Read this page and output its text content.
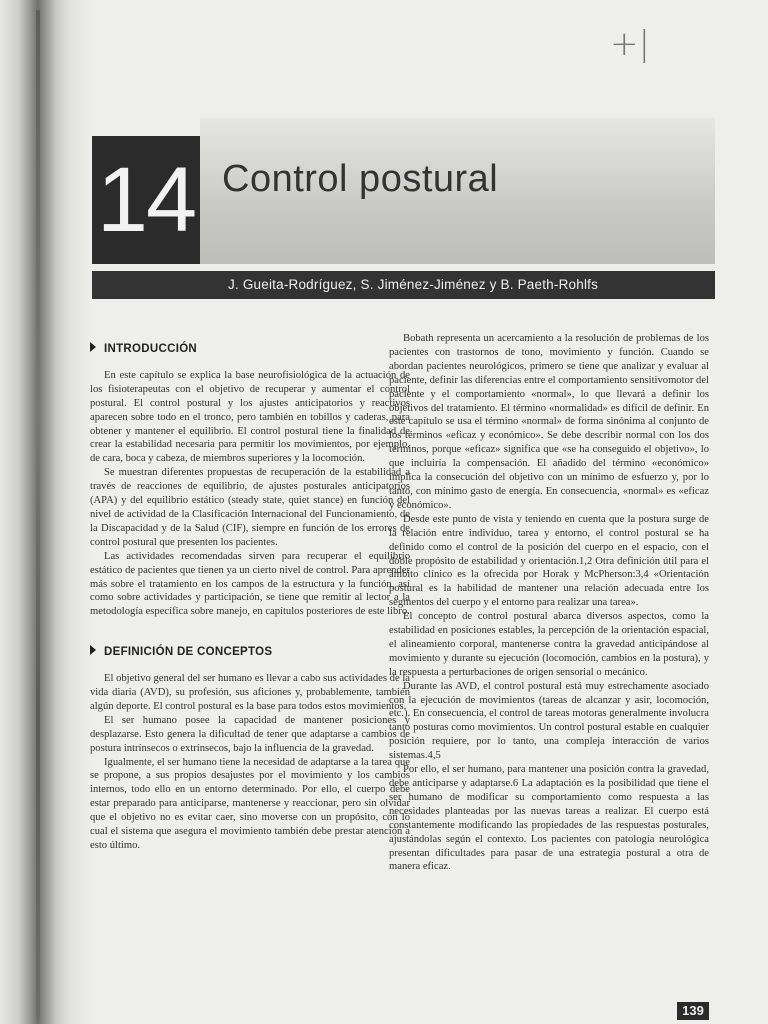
+|
14 Control postural
J. Gueita-Rodríguez, S. Jiménez-Jiménez y B. Paeth-Rohlfs
INTRODUCCIÓN

En este capítulo se explica la base neurofisiológica de la actuación de los fisioterapeutas con el objetivo de recuperar y aumentar el control postural. El control postural y los ajustes anticipatorios y reactivos aparecen sobre todo en el tronco, pero también en tobillos y caderas, para obtener y mantener el equilibrio. El control postural tiene la finalidad de crear la estabilidad necesaria para permitir los movimientos, por ejemplo, de cara, boca y cabeza, de miembros superiores y la locomoción.

Se muestran diferentes propuestas de recuperación de la estabilidad a través de reacciones de equilibrio, de ajustes posturales anticipatorios (APA) y del equilibrio estático (steady state, quiet stance) en función del nivel de actividad de la Clasificación Internacional del Funcionamiento, de la Discapacidad y de la Salud (CIF), siempre en función de los errores de control postural que presenten los pacientes.

Las actividades recomendadas sirven para recuperar el equilibrio estático de pacientes que tienen ya un cierto nivel de control. Para aprender más sobre el tratamiento en los campos de la estructura y la función, así como sobre actividades y participación, se tiene que remitir al lector a la metodología específica sobre manejo, en capítulos posteriores de este libro.

DEFINICIÓN DE CONCEPTOS

El objetivo general del ser humano es llevar a cabo sus actividades de la vida diaria (AVD), su profesión, sus aficiones y, probablemente, también algún deporte. El control postural es la base para todos estos movimientos.

El ser humano posee la capacidad de mantener posiciones y desplazarse. Esto genera la dificultad de tener que adaptarse a cambios de postura intrínsecos o extrínsecos, bajo la influencia de la gravedad.

Igualmente, el ser humano tiene la necesidad de adaptarse a la tarea que se propone, a sus propios desajustes por el movimiento y los cambios internos, todo ello en un entorno determinado. Por ello, el cuerpo debe estar preparado para anticiparse, mantenerse y reaccionar, pero sin olvidar que el objetivo no es evitar caer, sino moverse con un propósito, con lo cual el sistema que asegura el movimiento también debe prestar atención a esto último.

Bobath representa un acercamiento a la resolución de problemas de los pacientes con trastornos de tono, movimiento y función. Cuando se abordan pacientes neurológicos, primero se tiene que analizar y evaluar al paciente, definir las diferencias entre el comportamiento sensitivomotor del paciente y el comportamiento «normal», lo que llevará a definir los objetivos del tratamiento. El término «normalidad» es difícil de definir. En este capítulo se usa el término «normal» de forma sinónima al conjunto de los términos «eficaz y económico». Se debe describir normal con los dos términos, porque «eficaz» significa que «se ha conseguido el objetivo», lo que incluiría la compensación. El añadido del término «económico» implica la consecución del objetivo con un mínimo de esfuerzo y, por lo tanto, con mínimo gasto de energía. En consecuencia, «normal» es «eficaz y económico».

Desde este punto de vista y teniendo en cuenta que la postura surge de la relación entre individuo, tarea y entorno, el control postural se ha definido como el control de la posición del cuerpo en el espacio, con el doble propósito de estabilidad y orientación.1,2 Otra definición útil para el ámbito clínico es la ofrecida por Horak y McPherson:3,4 «Orientación postural es la habilidad de mantener una relación adecuada entre los segmentos del cuerpo y el entorno para realizar una tarea».

El concepto de control postural abarca diversos aspectos, como la estabilidad en posiciones estables, la percepción de la orientación espacial, el alineamiento corporal, mantenerse contra la gravedad anticipándose al movimiento y durante su ejecución (locomoción, cambios en la postura), y la respuesta a perturbaciones de origen sensorial o mecánico.

Durante las AVD, el control postural está muy estrechamente asociado con la ejecución de movimientos (tareas de alcanzar y asir, locomoción, etc.). En consecuencia, el control de tareas motoras generalmente involucra tanto posturas como movimientos. Un control postural estable en cualquier posición requiere, por lo tanto, una compleja interacción de varios sistemas.4,5

Por ello, el ser humano, para mantener una posición contra la gravedad, debe anticiparse y adaptarse.6 La adaptación es la posibilidad que tiene el ser humano de modificar su comportamiento como respuesta a las necesidades planteadas por las nuevas tareas a realizar. El cuerpo está constantemente modificando las propiedades de las respuestas posturales, ajustándolas según el contexto. Los pacientes con patología neurológica presentan dificultades para pasar de una estrategia postural a otra de manera eficaz.

139
